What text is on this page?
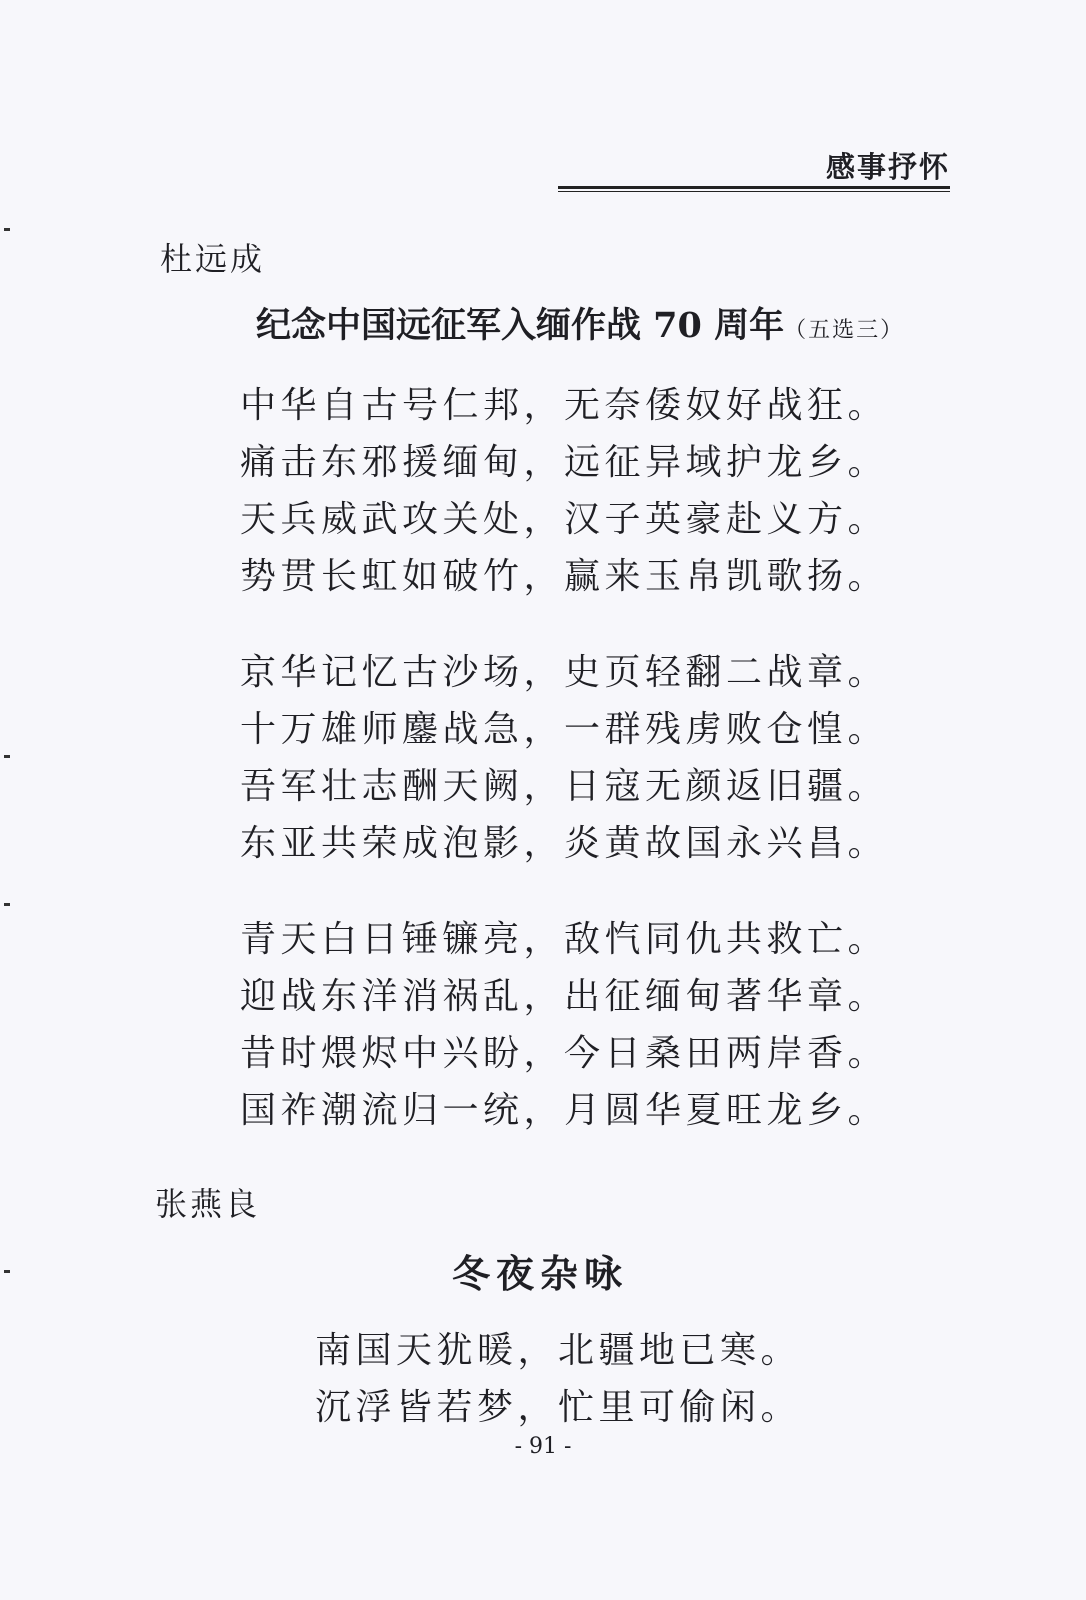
感事抒怀
杜远成
纪念中国远征军入缅作战 70 周年（五选三）
中华自古号仁邦，无奈倭奴好战狂。
痛击东邪援缅甸，远征异域护龙乡。
天兵威武攻关处，汉子英豪赴义方。
势贯长虹如破竹，赢来玉帛凯歌扬。
京华记忆古沙场，史页轻翻二战章。
十万雄师鏖战急，一群残虏败仓惶。
吾军壮志酬天阙，日寇无颜返旧疆。
东亚共荣成泡影，炎黄故国永兴昌。
青天白日锤镰亮，敌忾同仇共救亡。
迎战东洋消祸乱，出征缅甸著华章。
昔时煨烬中兴盼，今日桑田两岸香。
国祚潮流归一统，月圆华夏旺龙乡。
张燕良
冬夜杂咏
南国天犹暖，北疆地已寒。
沉浮皆若梦，忙里可偷闲。
- 91 -
